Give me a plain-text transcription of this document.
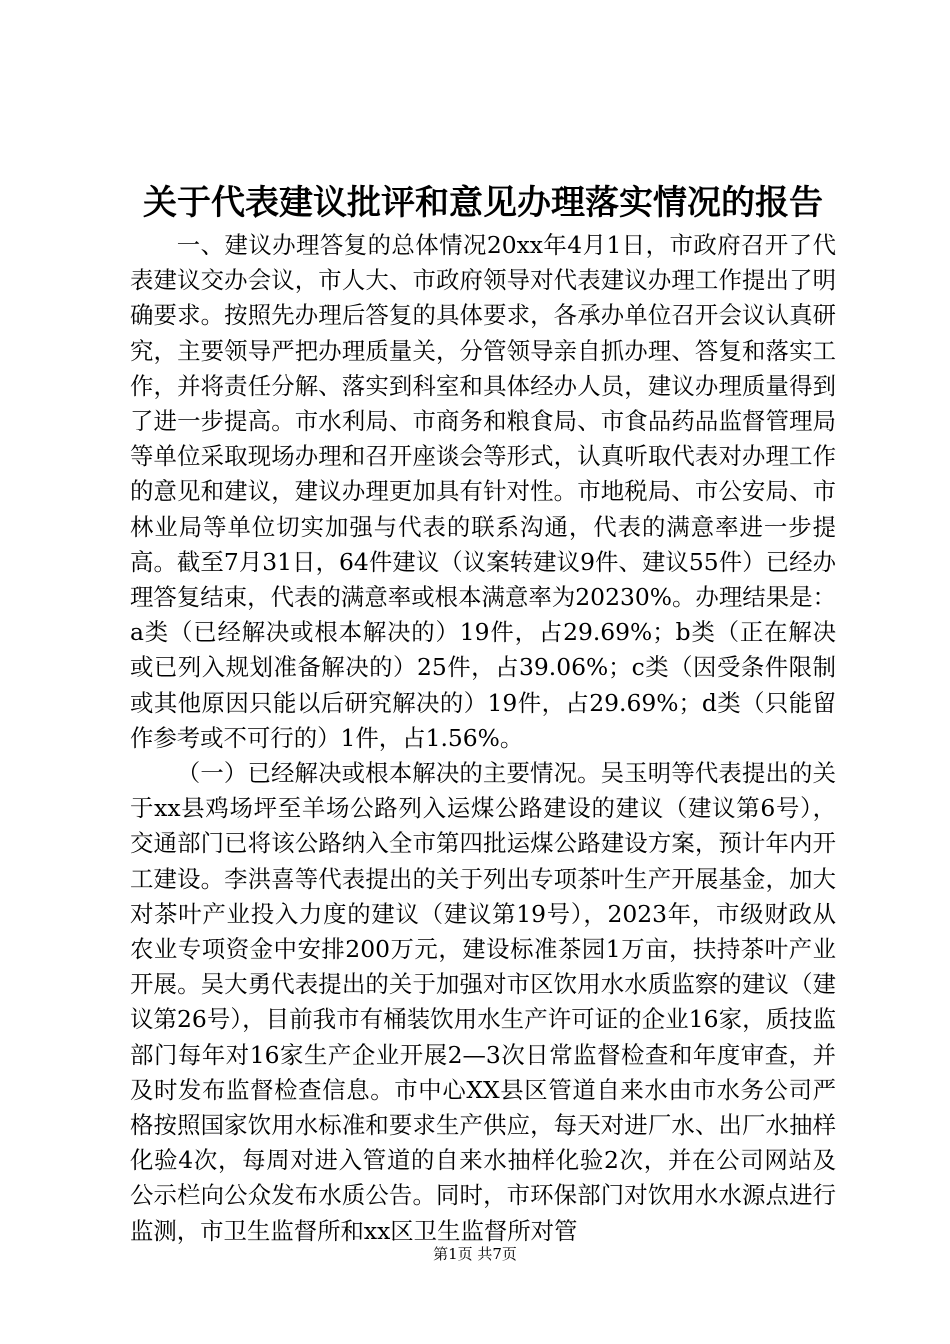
关于代表建议批评和意见办理落实情况的报告

一、建议办理答复的总体情况20xx年4月1日，市政府召开了代表建议交办会议，市人大、市政府领导对代表建议办理工作提出了明确要求。按照先办理后答复的具体要求，各承办单位召开会议认真研究，主要领导严把办理质量关，分管领导亲自抓办理、答复和落实工作，并将责任分解、落实到科室和具体经办人员，建议办理质量得到了进一步提高。市水利局、市商务和粮食局、市食品药品监督管理局等单位采取现场办理和召开座谈会等形式，认真听取代表对办理工作的意见和建议，建议办理更加具有针对性。市地税局、市公安局、市林业局等单位切实加强与代表的联系沟通，代表的满意率进一步提高。截至7月31日，64件建议（议案转建议9件、建议55件）已经办理答复结束，代表的满意率或根本满意率为20230%。办理结果是：a类（已经解决或根本解决的）19件，占29.69%；b类（正在解决或已列入规划准备解决的）25件，占39.06%；c类（因受条件限制或其他原因只能以后研究解决的）19件，占29.69%；d类（只能留作参考或不可行的）1件，占1.56%。

（一）已经解决或根本解决的主要情况。吴玉明等代表提出的关于xx县鸡场坪至羊场公路列入运煤公路建设的建议（建议第6号），交通部门已将该公路纳入全市第四批运煤公路建设方案，预计年内开工建设。李洪喜等代表提出的关于列出专项茶叶生产开展基金，加大对茶叶产业投入力度的建议（建议第19号），2023年，市级财政从农业专项资金中安排200万元，建设标准茶园1万亩，扶持茶叶产业开展。吴大勇代表提出的关于加强对市区饮用水水质监察的建议（建议第26号），目前我市有桶装饮用水生产许可证的企业16家，质技监部门每年对16家生产企业开展2—3次日常监督检查和年度审查，并及时发布监督检查信息。市中心XX县区管道自来水由市水务公司严格按照国家饮用水标准和要求生产供应，每天对进厂水、出厂水抽样化验4次，每周对进入管道的自来水抽样化验2次，并在公司网站及公示栏向公众发布水质公告。同时，市环保部门对饮用水水源点进行监测，市卫生监督所和xx区卫生监督所对管

第1页 共7页
